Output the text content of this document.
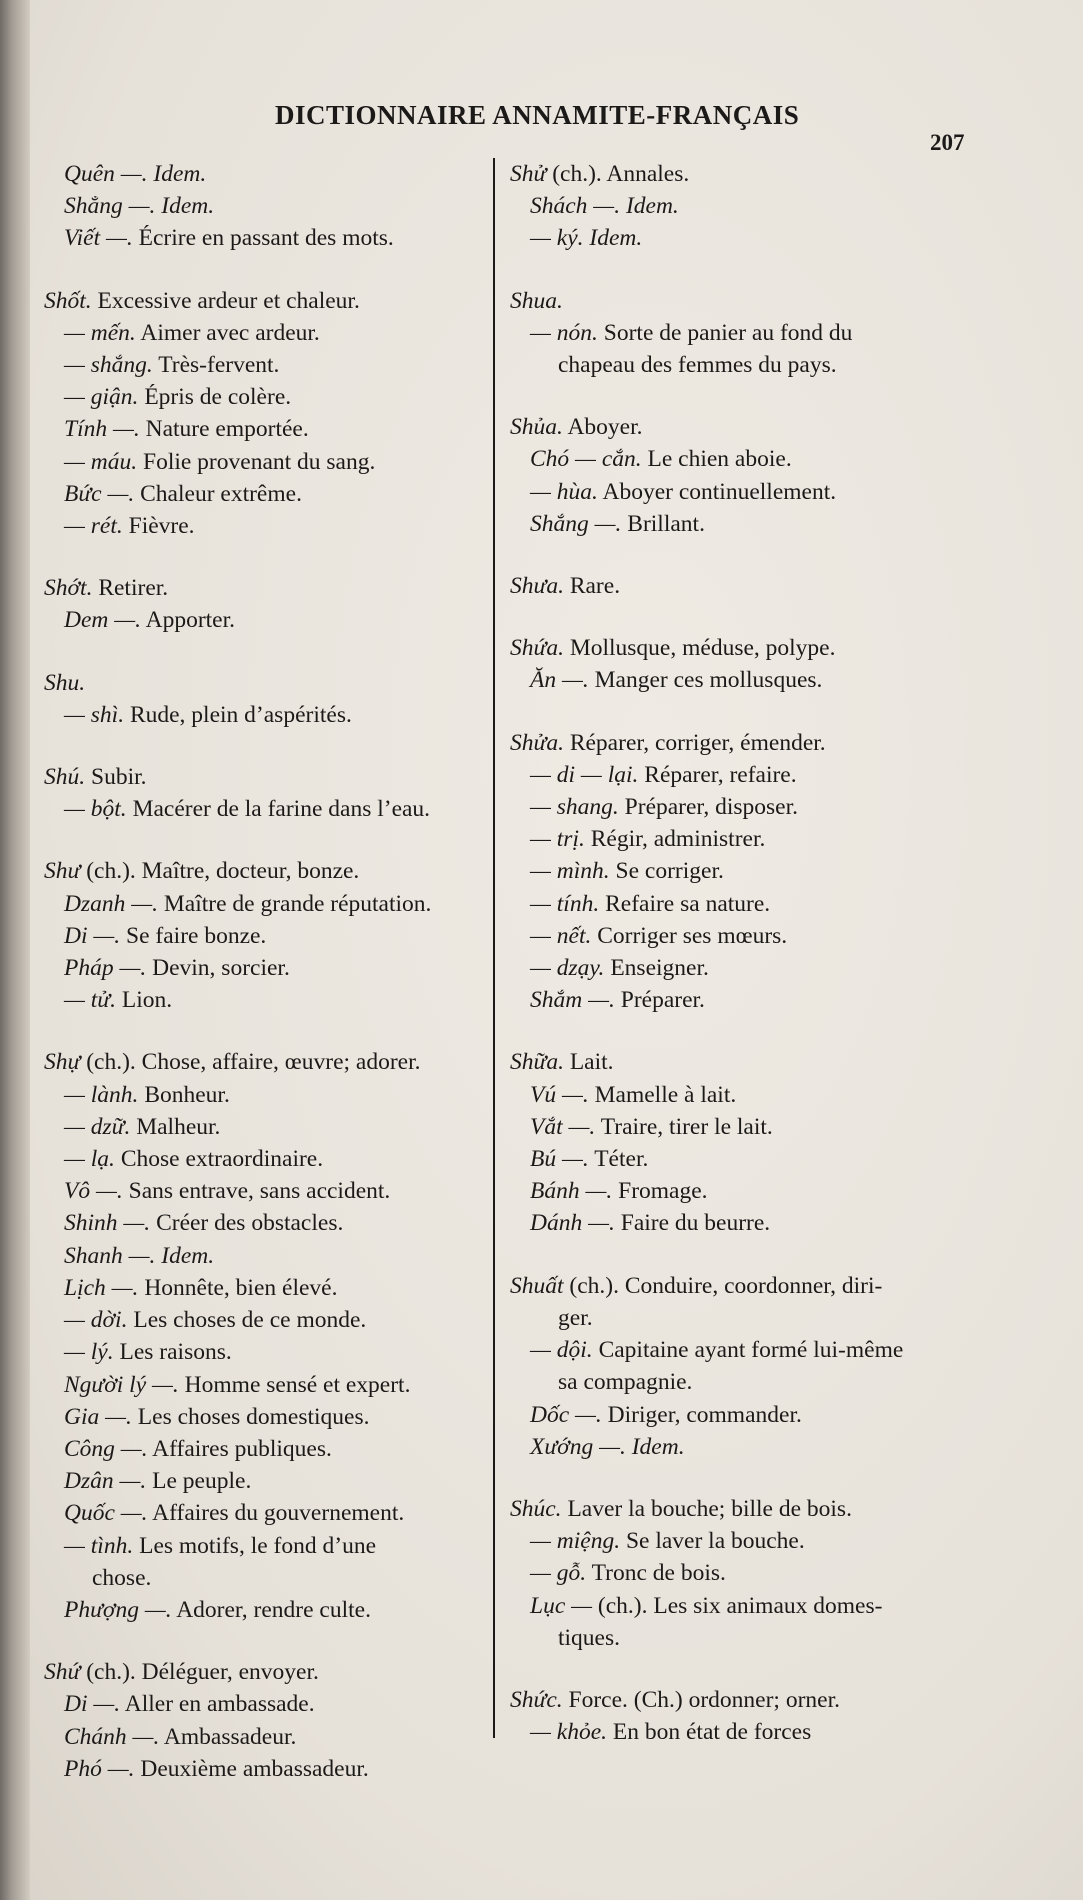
DICTIONNAIRE ANNAMITE-FRANÇAIS
207
Quên —. Idem.
Shẳng —. Idem.
Viết —. Écrire en passant des mots.
Shốt. Excessive ardeur et chaleur.
— mến. Aimer avec ardeur.
— shắng. Très-fervent.
— giận. Épris de colère.
Tính —. Nature emportée.
— máu. Folie provenant du sang.
Bức —. Chaleur extrême.
— rét. Fièvre.
Shớt. Retirer.
Dem —. Apporter.
Shu.
— shì. Rude, plein d’aspérités.
Shú. Subir.
— bột. Macérer de la farine dans l’eau.
Shư (ch.). Maître, docteur, bonze.
Dzanh —. Maître de grande réputation.
Di —. Se faire bonze.
Pháp —. Devin, sorcier.
— tử. Lion.
Shự (ch.). Chose, affaire, œuvre; adorer.
— lành. Bonheur.
— dzữ. Malheur.
— lạ. Chose extraordinaire.
Vô —. Sans entrave, sans accident.
Shinh —. Créer des obstacles.
Shanh —. Idem.
Lịch —. Honnête, bien élevé.
— dời. Les choses de ce monde.
— lý. Les raisons.
Người lý —. Homme sensé et expert.
Gia —. Les choses domestiques.
Công —. Affaires publiques.
Dzân —. Le peuple.
Quốc —. Affaires du gouvernement.
— tình. Les motifs, le fond d’une
chose.
Phượng —. Adorer, rendre culte.
Shứ (ch.). Déléguer, envoyer.
Di —. Aller en ambassade.
Chánh —. Ambassadeur.
Phó —. Deuxième ambassadeur.
Shử (ch.). Annales.
Shách —. Idem.
— ký. Idem.
Shua.
— nón. Sorte de panier au fond du
chapeau des femmes du pays.
Shủa. Aboyer.
Chó — cắn. Le chien aboie.
— hùa. Aboyer continuellement.
Shắng —. Brillant.
Shưa. Rare.
Shứa. Mollusque, méduse, polype.
Ăn —. Manger ces mollusques.
Shửa. Réparer, corriger, émender.
— di — lại. Réparer, refaire.
— shang. Préparer, disposer.
— trị. Régir, administrer.
— mình. Se corriger.
— tính. Refaire sa nature.
— nết. Corriger ses mœurs.
— dzạy. Enseigner.
Shắm —. Préparer.
Shữa. Lait.
Vú —. Mamelle à lait.
Vắt —. Traire, tirer le lait.
Bú —. Téter.
Bánh —. Fromage.
Dánh —. Faire du beurre.
Shuất (ch.). Conduire, coordonner, diri-
ger.
— dội. Capitaine ayant formé lui-même
sa compagnie.
Dốc —. Diriger, commander.
Xướng —. Idem.
Shúc. Laver la bouche; bille de bois.
— miệng. Se laver la bouche.
— gỗ. Tronc de bois.
Lục — (ch.). Les six animaux domes-
tiques.
Shức. Force. (Ch.) ordonner; orner.
— khỏe. En bon état de forces
